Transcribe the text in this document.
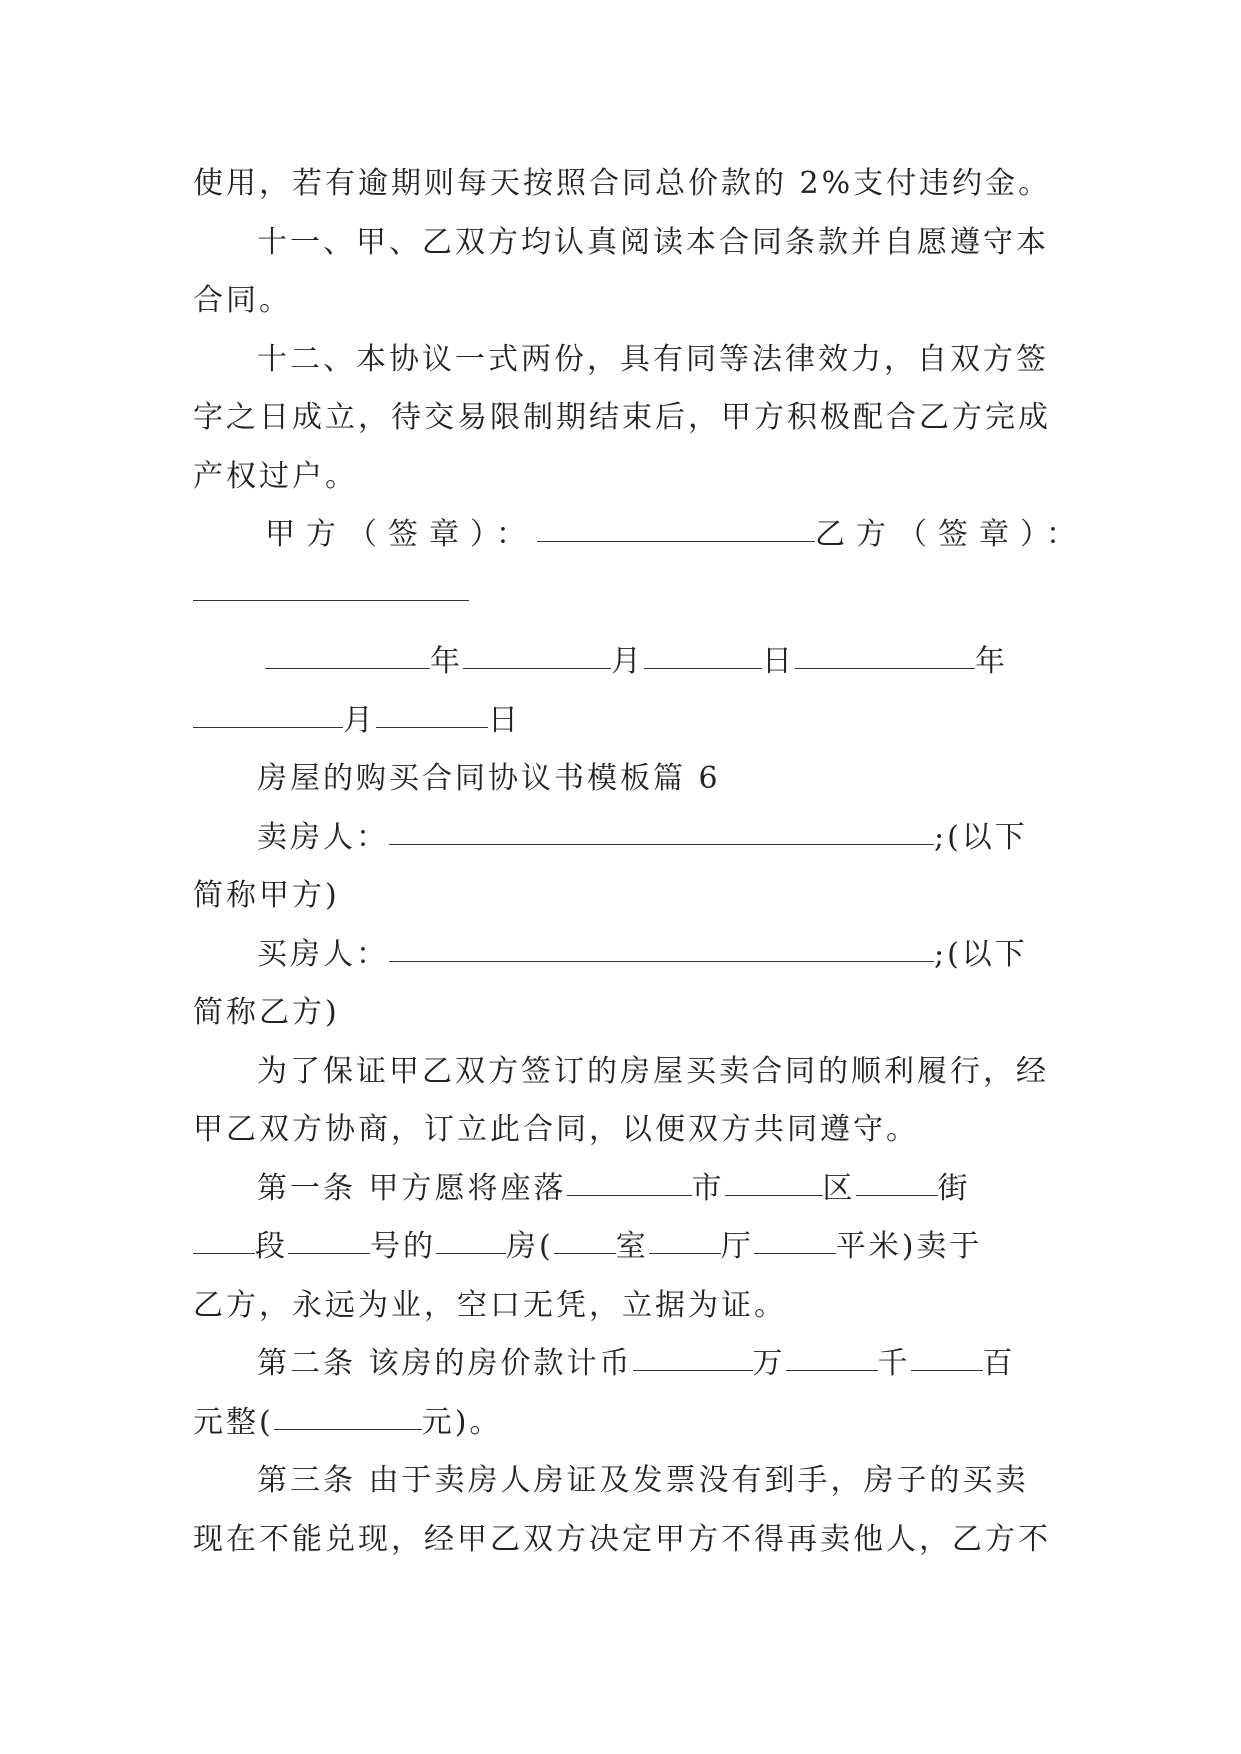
使用，若有逾期则每天按照合同总价款的 2%支付违约金。
十一、甲、乙双方均认真阅读本合同条款并自愿遵守本
合同。
十二、本协议一式两份，具有同等法律效力，自双方签
字之日成立，待交易限制期结束后，甲方积极配合乙方完成
产权过户。
甲方（签章）：	乙方（签章）：
年	月	日	年
月	日
房屋的购买合同协议书模板篇 6
卖房人：	;(以下
简称甲方)
买房人：	;(以下
简称乙方)
为了保证甲乙双方签订的房屋买卖合同的顺利履行，经
甲乙双方协商，订立此合同，以便双方共同遵守。
第一条 甲方愿将座落	市	区	街
段	号的 房( 室 厅	平米)卖于
乙方，永远为业，空口无凭，立据为证。
第二条 该房的房价款计币	万	千 百
元整(	元)。
第三条 由于卖房人房证及发票没有到手，房子的买卖
现在不能兑现，经甲乙双方决定甲方不得再卖他人，乙方不
